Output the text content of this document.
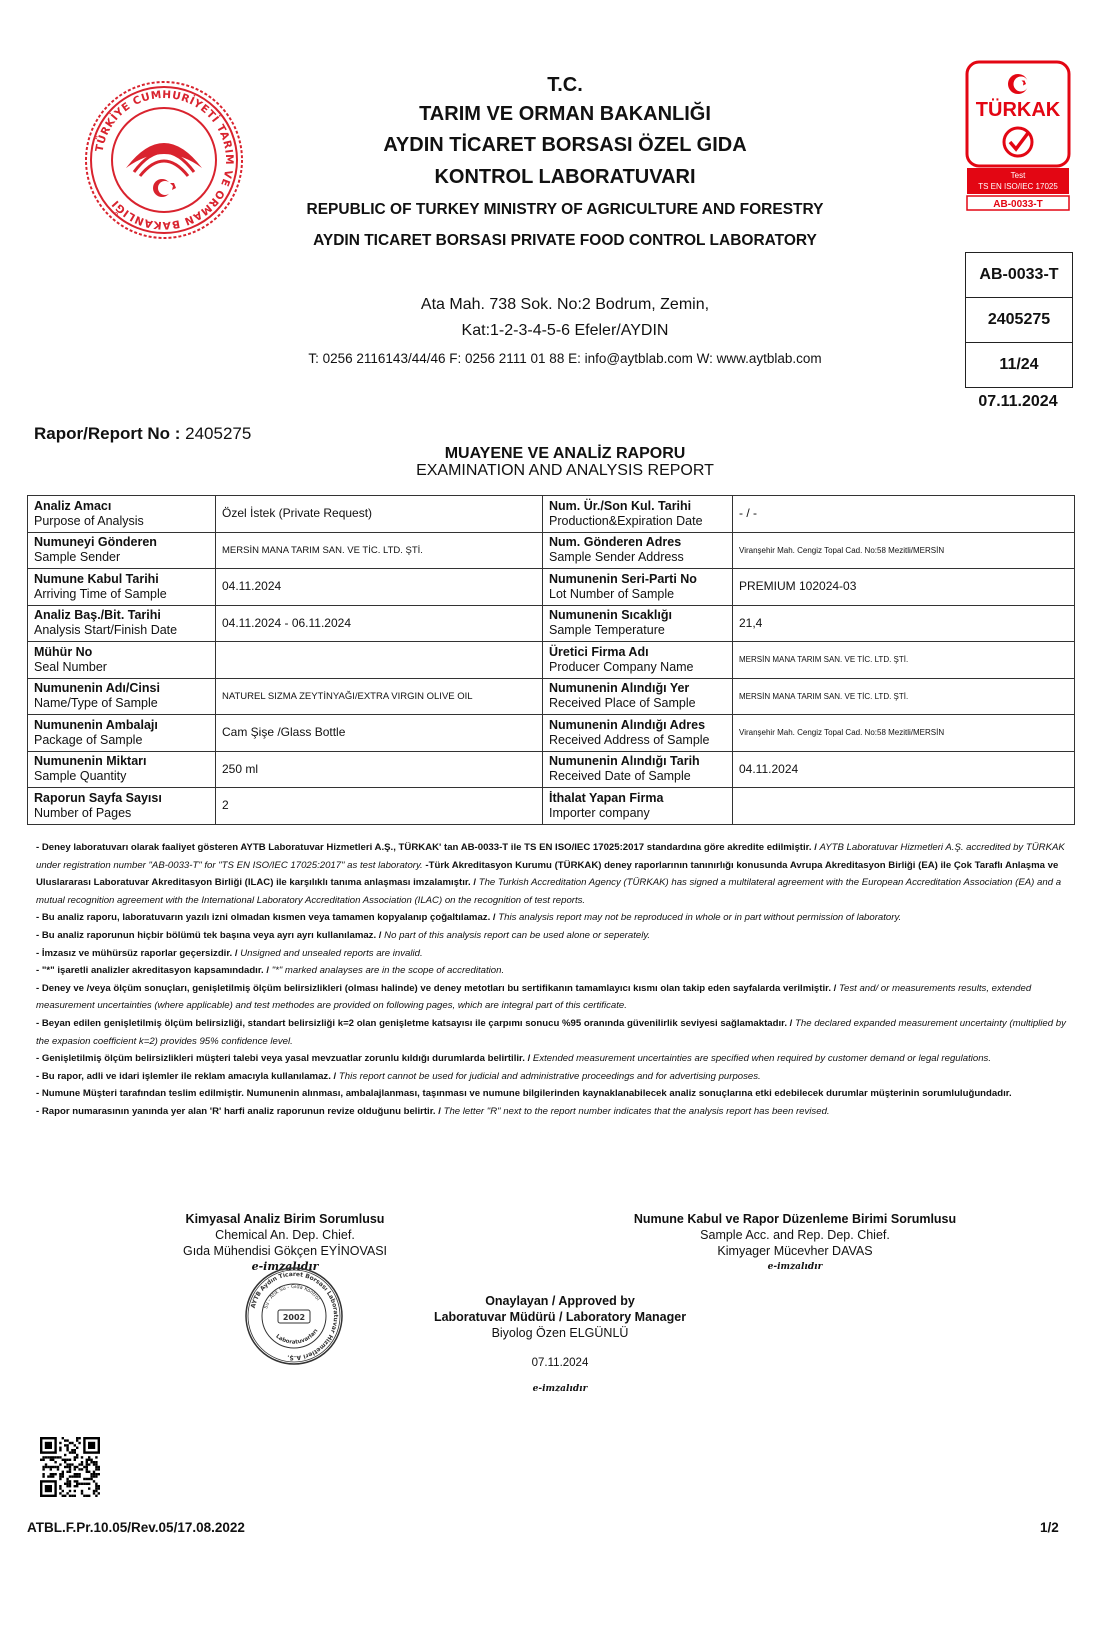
TÜRKİYE CUMHURİYETİ TARIM VE ORMAN BAKANLIĞI
TÜRKAK
Test
TS EN ISO/IEC 17025
AB-0033-T
T.C.
TARIM VE ORMAN BAKANLIĞI
AYDIN TİCARET BORSASI ÖZEL GIDA
KONTROL LABORATUVARI
REPUBLIC OF TURKEY MINISTRY OF AGRICULTURE AND FORESTRY
AYDIN TICARET BORSASI PRIVATE FOOD CONTROL LABORATORY
Ata Mah. 738 Sok. No:2 Bodrum, Zemin,
Kat:1-2-3-4-5-6 Efeler/AYDIN
T: 0256 2116143/44/46 F: 0256 2111 01 88 E: info@aytblab.com W: www.aytblab.com
AB-0033-T
2405275
11/24
07.11.2024
Rapor/Report No : 2405275
MUAYENE VE ANALİZ RAPORU
EXAMINATION AND ANALYSIS REPORT
Analiz Amacı
Purpose of Analysis	Özel İstek (Private Request)	Num. Ür./Son Kul. Tarihi
Production&Expiration Date	- / -

Numuneyi Gönderen
Sample Sender	MERSİN MANA TARIM SAN. VE TİC. LTD. ŞTİ.	Num. Gönderen Adres
Sample Sender Address	Viranşehir Mah. Cengiz Topal Cad. No:58 Mezitli/MERSİN

Numune Kabul Tarihi
Arriving Time of Sample	04.11.2024	Numunenin Seri-Parti No
Lot Number of Sample	PREMIUM 102024-03

Analiz Baş./Bit. Tarihi
Analysis Start/Finish Date	04.11.2024 - 06.11.2024	Numunenin Sıcaklığı
Sample Temperature	21,4

Mühür No
Seal Number		Üretici Firma Adı
Producer Company Name	MERSİN MANA TARIM SAN. VE TİC. LTD. ŞTİ.

Numunenin Adı/Cinsi
Name/Type of Sample	NATUREL SIZMA ZEYTİNYAĞI/EXTRA VIRGIN OLIVE OIL	Numunenin Alındığı Yer
Received Place of Sample	MERSİN MANA TARIM SAN. VE TİC. LTD. ŞTİ.

Numunenin Ambalajı
Package of Sample	Cam Şişe /Glass Bottle	Numunenin Alındığı Adres
Received Address of Sample	Viranşehir Mah. Cengiz Topal Cad. No:58 Mezitli/MERSİN

Numunenin Miktarı
Sample Quantity	250 ml	Numunenin Alındığı Tarih
Received Date of Sample	04.11.2024

Raporun Sayfa Sayısı
Number of Pages	2	İthalat Yapan Firma
Importer company	

- Deney laboratuvarı olarak faaliyet gösteren AYTB Laboratuvar Hizmetleri A.Ş., TÜRKAK' tan AB-0033-T ile TS EN ISO/IEC 17025:2017 standardına göre akredite edilmiştir. / AYTB Laboratuvar Hizmetleri A.Ş. accredited by TÜRKAK under registration number "AB-0033-T" for "TS EN ISO/IEC 17025:2017" as test laboratory. -Türk Akreditasyon Kurumu (TÜRKAK) deney raporlarının tanınırlığı konusunda Avrupa Akreditasyon Birliği (EA) ile Çok Taraflı Anlaşma ve Uluslararası Laboratuvar Akreditasyon Birliği (ILAC) ile karşılıklı tanıma anlaşması imzalamıştır. / The Turkish Accreditation Agency (TÜRKAK) has signed a multilateral agreement with the European Accreditation Association (EA) and a mutual recognition agreement with the International Laboratory Accreditation Association (ILAC) on the recognition of test reports.

- Bu analiz raporu, laboratuvarın yazılı izni olmadan kısmen veya tamamen kopyalanıp çoğaltılamaz. / This analysis report may not be reproduced in whole or in part without permission of laboratory.

- Bu analiz raporunun hiçbir bölümü tek başına veya ayrı ayrı kullanılamaz. / No part of this analysis report can be used alone or seperately.

- İmzasız ve mühürsüz raporlar geçersizdir. / Unsigned and unsealed reports are invalid.

- "*" işaretli analizler akreditasyon kapsamındadır. / "*" marked analayses are in the scope of accreditation.

- Deney ve /veya ölçüm sonuçları, genişletilmiş ölçüm belirsizlikleri (olması halinde) ve deney metotları bu sertifikanın tamamlayıcı kısmı olan takip eden sayfalarda verilmiştir. / Test and/ or measurements results, extended measurement uncertainties (where applicable) and test methodes are provided on following pages, which are integral part of this certificate.

- Beyan edilen genişletilmiş ölçüm belirsizliği, standart belirsizliği k=2 olan genişletme katsayısı ile çarpımı sonucu %95 oranında güvenilirlik seviyesi sağlamaktadır. / The declared expanded measurement uncertainty (multiplied by the expasion coefficient k=2) provides 95% confidence level.

- Genişletilmiş ölçüm belirsizlikleri müşteri talebi veya yasal mevzuatlar zorunlu kıldığı durumlarda belirtilir. / Extended measurement uncertainties are specified when required by customer demand or legal regulations.

- Bu rapor, adli ve idari işlemler ile reklam amacıyla kullanılamaz. / This report cannot be used for judicial and administrative proceedings and for advertising purposes.

- Numune Müşteri tarafından teslim edilmiştir. Numunenin alınması, ambalajlanması, taşınması ve numune bilgilerinden kaynaklanabilecek analiz sonuçlarına etki edebilecek durumlar müşterinin sorumluluğundadır.

- Rapor numarasının yanında yer alan 'R' harfi analiz raporunun revize olduğunu belirtir. / The letter "R" next to the report number indicates that the analysis report has been revised.

Kimyasal Analiz Birim Sorumlusu
Chemical An. Dep. Chief.
Gıda Mühendisi Gökçen EYİNOVASI
e-imzalıdır
Numune Kabul ve Rapor Düzenleme Birimi Sorumlusu
Sample Acc. and Rep. Dep. Chief.
Kimyager Mücevher DAVAS
e-imzalıdır
Onaylayan / Approved by
Laboratuvar Müdürü / Laboratory Manager
Biyolog Özen ELGÜNLÜ
07.11.2024
e-imzalıdır
AYTB Aydın Ticaret Borsası Laboratuvar Hizmetleri A.Ş.
Su - Atık Su - Gıda Kontrol
2002
Laboratuvarları
ATBL.F.Pr.10.05/Rev.05/17.08.2022	1/2
